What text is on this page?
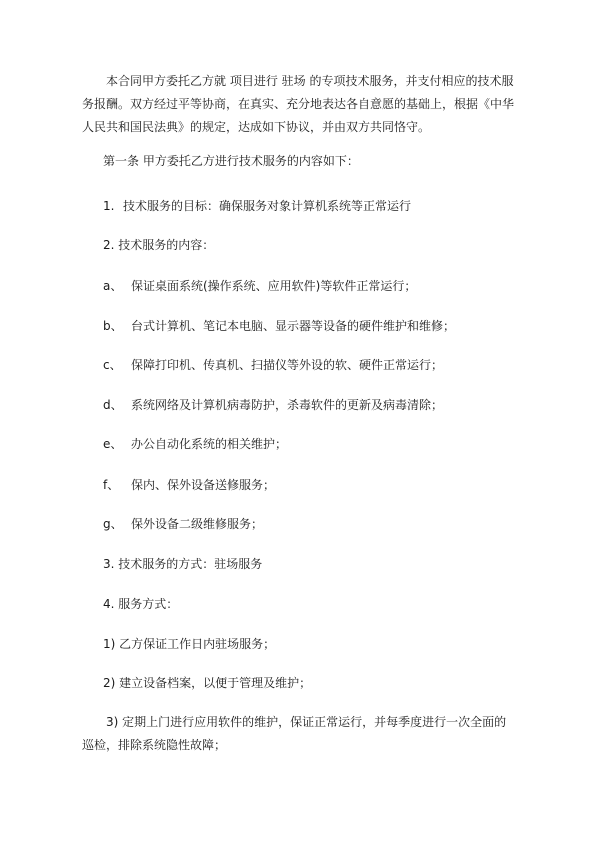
本合同甲方委托乙方就 项目进行 驻场 的专项技术服务，并支付相应的技术服务报酬。双方经过平等协商，在真实、充分地表达各自意愿的基础上，根据《中华人民共和国民法典》的规定，达成如下协议，并由双方共同恪守。

第一条 甲方委托乙方进行技术服务的内容如下：

1. 技术服务的目标：确保服务对象计算机系统等正常运行

2. 技术服务的内容：

a、 保证桌面系统(操作系统、应用软件)等软件正常运行；

b、 台式计算机、笔记本电脑、显示器等设备的硬件维护和维修；

c、 保障打印机、传真机、扫描仪等外设的软、硬件正常运行；

d、 系统网络及计算机病毒防护，杀毒软件的更新及病毒清除；

e、 办公自动化系统的相关维护；

f、 保内、保外设备送修服务；

g、 保外设备二级维修服务；

3. 技术服务的方式：驻场服务

4. 服务方式：

1) 乙方保证工作日内驻场服务；

2) 建立设备档案，以便于管理及维护；

3) 定期上门进行应用软件的维护，保证正常运行，并每季度进行一次全面的巡检，排除系统隐性故障；
